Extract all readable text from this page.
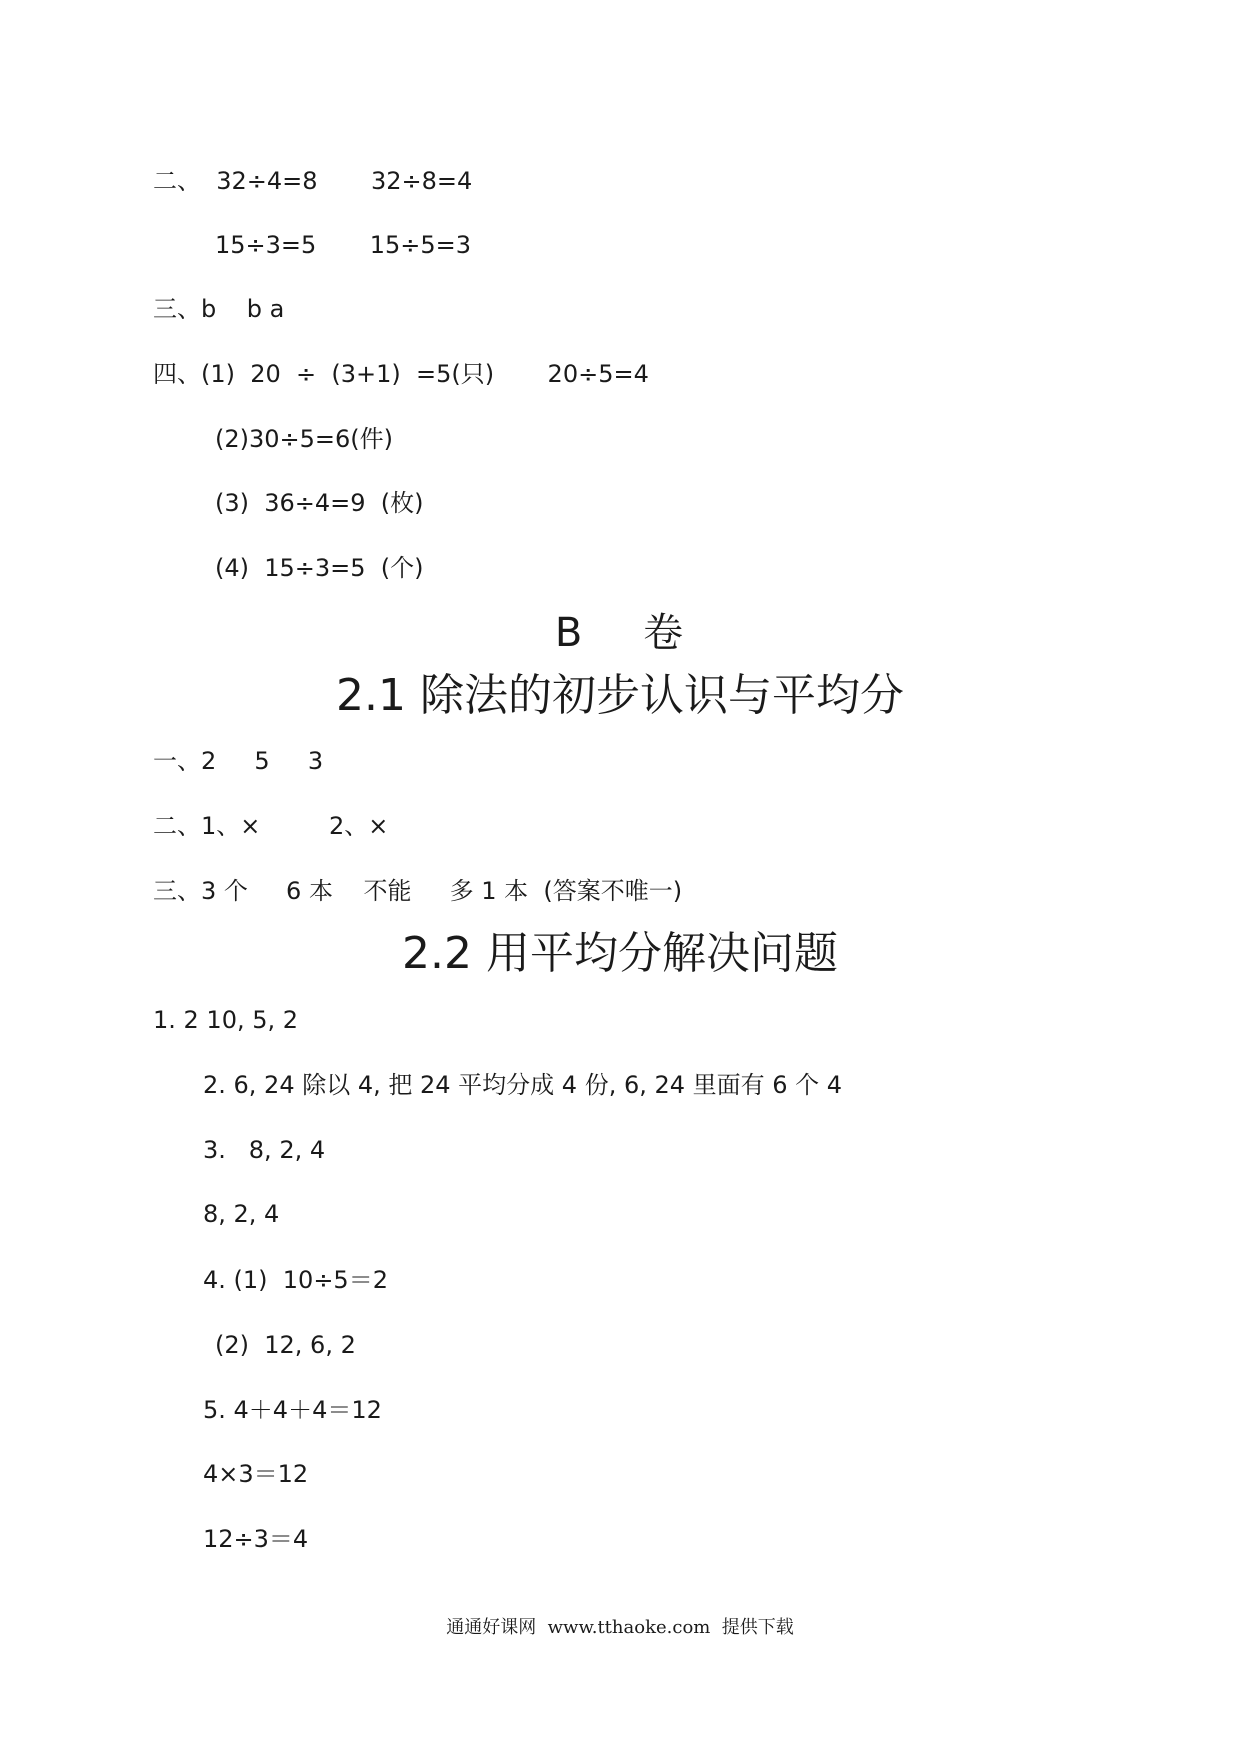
二、  32÷4=8       32÷8=4
15÷3=5       15÷5=3
三、b    b a
四、(1)  20  ÷  (3+1)  =5(只)       20÷5=4
(2)30÷5=6(件)
(3)  36÷4=9  (枚)
(4)  15÷3=5  (个)
B    卷
2.1 除法的初步认识与平均分
一、2     5     3
二、1、×         2、×
三、3 个     6 本    不能     多 1 本  (答案不唯一)
2.2 用平均分解决问题
1. 2 10, 5, 2
2. 6, 24 除以 4, 把 24 平均分成 4 份, 6, 24 里面有 6 个 4
3.   8, 2, 4
8, 2, 4
4. (1)  10÷5＝2
(2)  12, 6, 2
5. 4＋4＋4＝12
4×3＝12
12÷3＝4
通通好课网  www.tthaoke.com  提供下载
